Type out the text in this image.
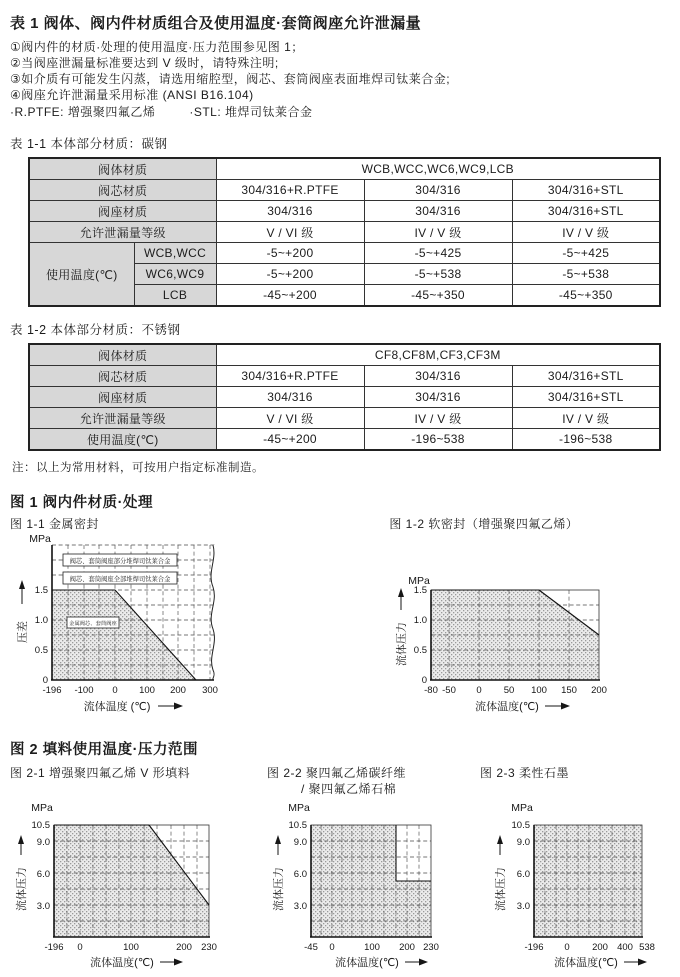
表 1 阀体、阀内件材质组合及使用温度·套筒阀座允许泄漏量
①阀内件的材质·处理的使用温度·压力范围参见图 1；
②当阀座泄漏量标准要达到 V 级时，请特殊注明;
③如介质有可能发生闪蒸，请选用缩腔型，阀芯、套筒阀座表面堆焊司钛莱合金;
④阀座允许泄漏量采用标准 (ANSI B16.104)
·R.PTFE: 增强聚四氟乙烯	·STL: 堆焊司钛莱合金
表 1-1 本体部分材质：碳钢
阀体材质		WCB,WCC,WC6,WC9,LCB		
阀芯材质		304/316+R.PTFE	304/316	304/316+STL
阀座材质		304/316	304/316	304/316+STL
允许泄漏量等级		V / VI 级	IV / V 级	IV / V 级
使用温度(℃)	WCB,WCC	-5~+200	-5~+425	-5~+425
	WC6,WC9	-5~+200	-5~+538	-5~+538
	LCB	-45~+200	-45~+350	-45~+350
表 1-2 本体部分材质：不锈钢
阀体材质	CF8,CF8M,CF3,CF3M		
阀芯材质	304/316+R.PTFE	304/316	304/316+STL
阀座材质	304/316	304/316	304/316+STL
允许泄漏量等级	V / VI 级	IV / V 级	IV / V 级
使用温度(℃)	-45~+200	-196~538	-196~538
注：以上为常用材料，可按用户指定标准制造。
图 1 阀内件材质·处理
图 1-1 金属密封
阀芯、套筒阀座部分堆焊司钛莱合金
阀芯、套筒阀座全部堆焊司钛莱合金
金属阀芯、套筒阀座
MPa
0
0.5
1.0
1.5
-196 -100 0 100 200 300
压差
流体温度 (℃)
图 1-2 软密封（增强聚四氟乙烯）
MPa
0
0.5
1.0
1.5
-80 -50 0 50 100 150 200
流体压力
流体温度(℃)
图 2 填料使用温度·压力范围
图 2-1 增强聚四氟乙烯 V 形填料
MPa
3.0
6.0
9.0
10.5
-196 0	100	200 230
流体压力
流体温度(℃)
图 2-2 聚四氟乙烯碳纤维
/ 聚四氟乙烯石棉
MPa
3.0
6.0
9.0
10.5
-45 0	100 200 230
流体压力
流体温度(℃)
图 2-3 柔性石墨
MPa
3.0
6.0
9.0
10.5
-196 0 200 400 538
流体压力
流体温度(℃)
